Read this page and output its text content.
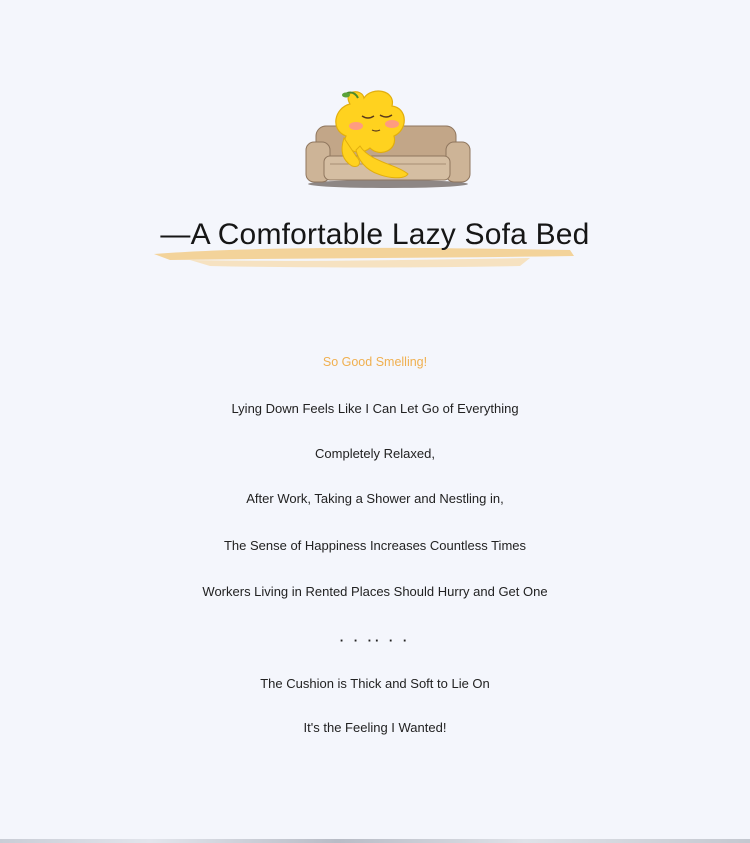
—A Comfortable Lazy Sofa Bed

So Good Smelling!

Lying Down Feels Like I Can Let Go of Everything

Completely Relaxed,

After Work, Taking a Shower and Nestling in,

The Sense of Happiness Increases Countless Times

Workers Living in Rented Places Should Hurry and Get One

· · ·· · ·

The Cushion is Thick and Soft to Lie On

It's the Feeling I Wanted!
